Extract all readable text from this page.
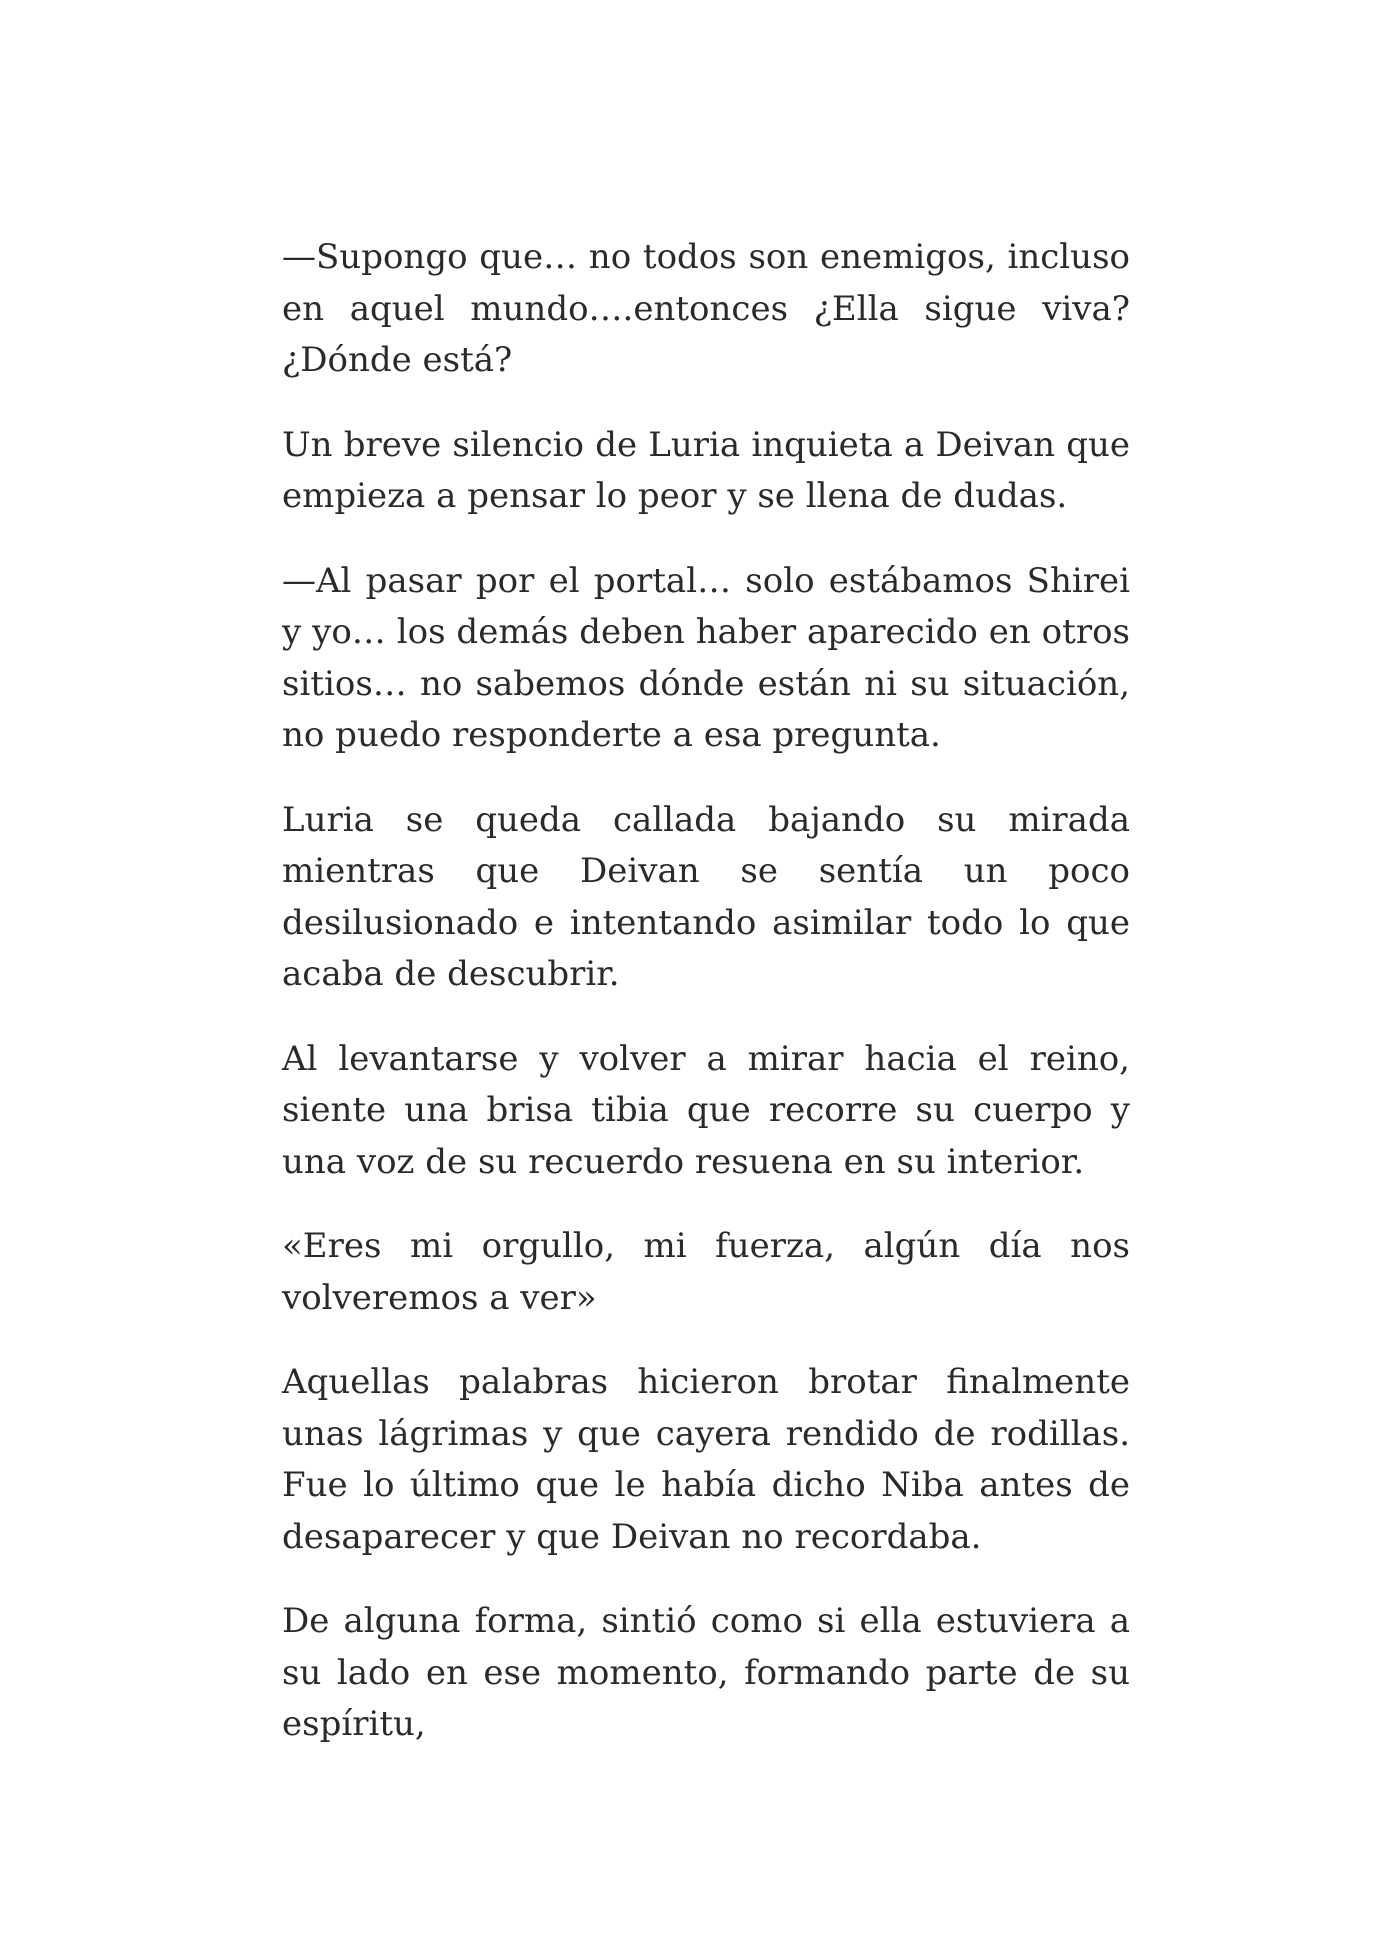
—Supongo que… no todos son enemigos, incluso en aquel mundo….entonces ¿Ella sigue viva? ¿Dónde está?

Un breve silencio de Luria inquieta a Deivan que empieza a pensar lo peor y se llena de dudas.

—Al pasar por el portal… solo estábamos Shirei y yo… los demás deben haber aparecido en otros sitios… no sabemos dónde están ni su situación, no puedo responderte a esa pregunta.

Luria se queda callada bajando su mirada mientras que Deivan se sentía un poco desilusionado e intentando asimilar todo lo que acaba de descubrir.

Al levantarse y volver a mirar hacia el reino, siente una brisa tibia que recorre su cuerpo y una voz de su recuerdo resuena en su interior.

«Eres mi orgullo, mi fuerza, algún día nos volveremos a ver»

Aquellas palabras hicieron brotar finalmente unas lágrimas y que cayera rendido de rodillas. Fue lo último que le había dicho Niba antes de desaparecer y que Deivan no recordaba.

De alguna forma, sintió como si ella estuviera a su lado en ese momento, formando parte de su espíritu,
